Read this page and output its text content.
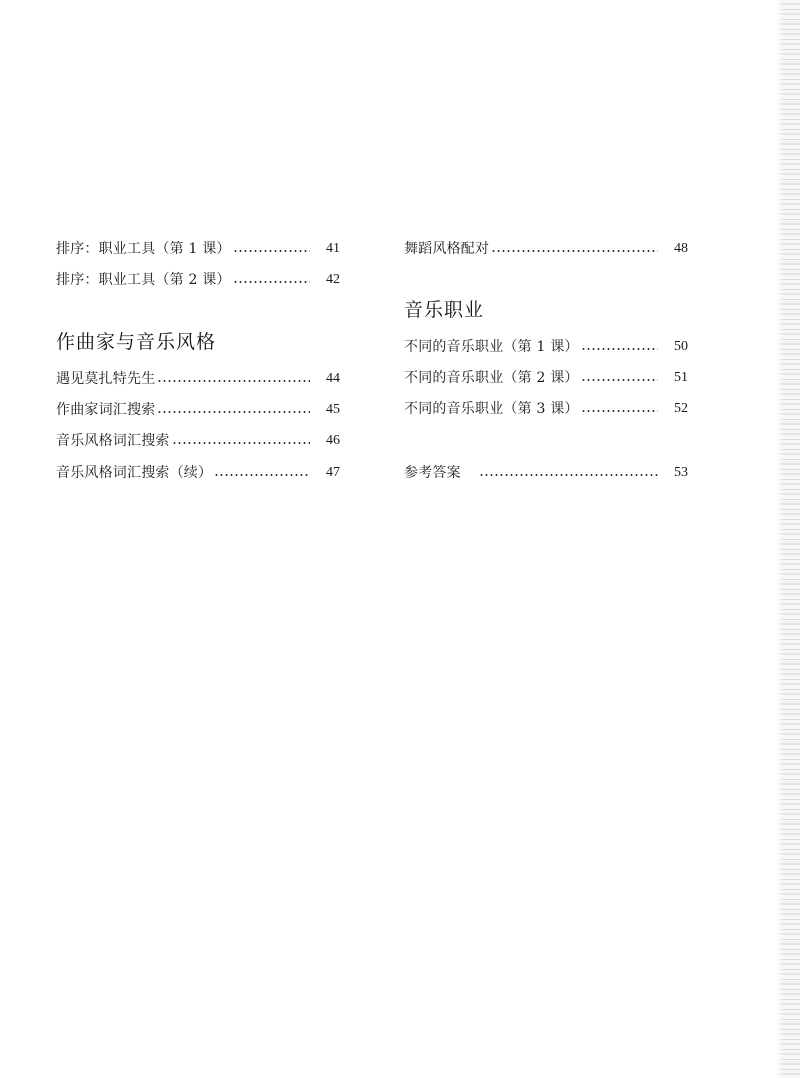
排序：职业工具（第 1 课）	41
排序：职业工具（第 2 课）	42
作曲家与音乐风格
遇见莫扎特先生	44
作曲家词汇搜索	45
音乐风格词汇搜索	46
音乐风格词汇搜索（续）	47
舞蹈风格配对	48
音乐职业
不同的音乐职业（第 1 课）	50
不同的音乐职业（第 2 课）	51
不同的音乐职业（第 3 课）	52
参考答案	53
